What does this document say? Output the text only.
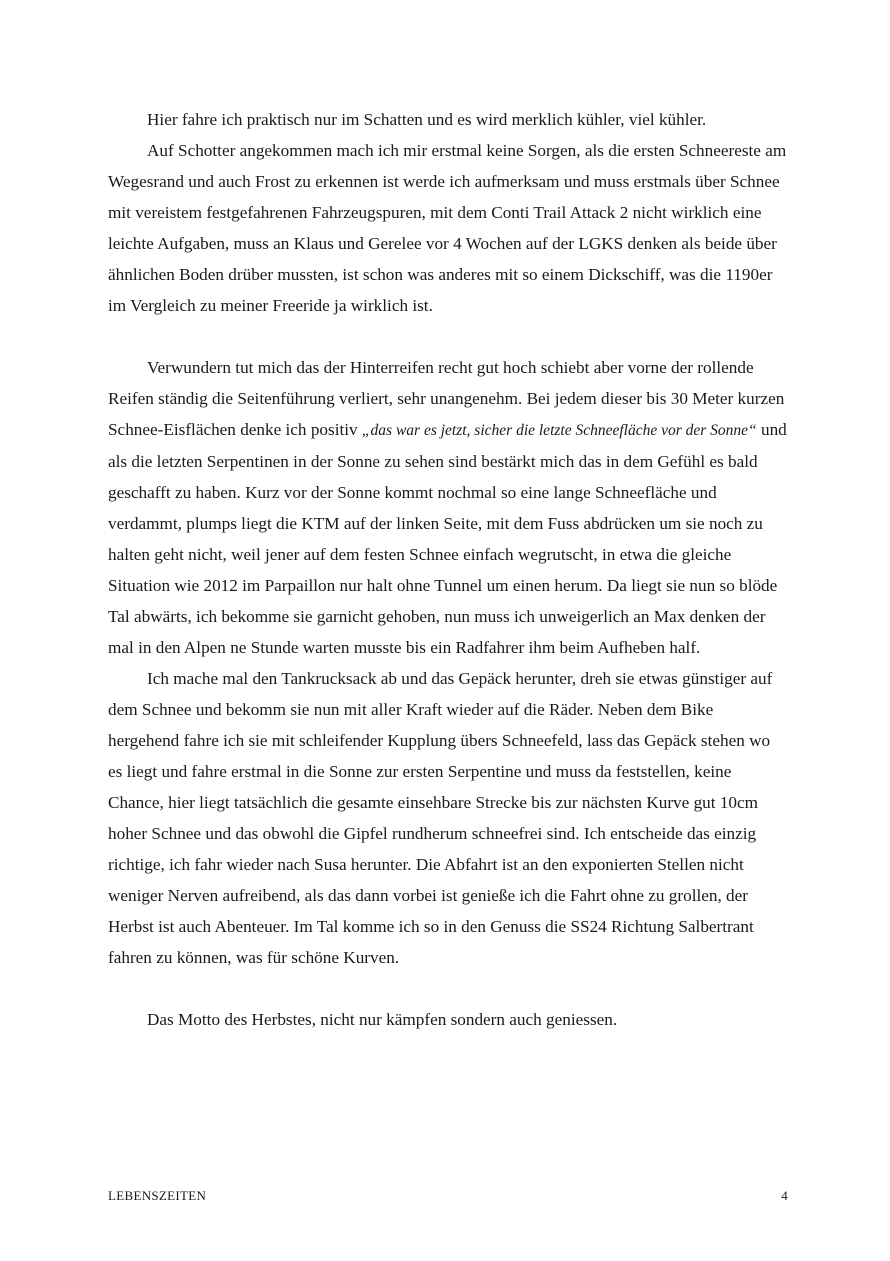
Hier fahre ich praktisch nur im Schatten und es wird merklich kühler, viel kühler.

Auf Schotter angekommen mach ich mir erstmal keine Sorgen, als die ersten Schneereste am Wegesrand und auch Frost zu erkennen ist werde ich aufmerksam und muss erstmals über Schnee mit vereistem festgefahrenen Fahrzeugspuren, mit dem Conti Trail Attack 2 nicht wirklich eine leichte Aufgaben, muss an Klaus und Gerelee vor 4 Wochen auf der LGKS denken als beide über ähnlichen Boden drüber mussten, ist schon was anderes mit so einem Dickschiff, was die 1190er im Vergleich zu meiner Freeride ja wirklich ist.

Verwundern tut mich das der Hinterreifen recht gut hoch schiebt aber vorne der rollende Reifen ständig die Seitenführung verliert, sehr unangenehm. Bei jedem dieser bis 30 Meter kurzen Schnee-Eisflächen denke ich positiv „das war es jetzt, sicher die letzte Schneefläche vor der Sonne“ und als die letzten Serpentinen in der Sonne zu sehen sind bestärkt mich das in dem Gefühl es bald geschafft zu haben. Kurz vor der Sonne kommt nochmal so eine lange Schneefläche und verdammt, plumps liegt die KTM auf der linken Seite, mit dem Fuss abdrücken um sie noch zu halten geht nicht, weil jener auf dem festen Schnee einfach wegrutscht, in etwa die gleiche Situation wie 2012 im Parpaillon nur halt ohne Tunnel um einen herum. Da liegt sie nun so blöde Tal abwärts, ich bekomme sie garnicht gehoben, nun muss ich unweigerlich an Max denken der mal in den Alpen ne Stunde warten musste bis ein Radfahrer ihm beim Aufheben half.

Ich mache mal den Tankrucksack ab und das Gepäck herunter, dreh sie etwas günstiger auf dem Schnee und bekomm sie nun mit aller Kraft wieder auf die Räder. Neben dem Bike hergehend fahre ich sie mit schleifender Kupplung übers Schneefeld, lass das Gepäck stehen wo es liegt und fahre erstmal in die Sonne zur ersten Serpentine und muss da feststellen, keine Chance, hier liegt tatsächlich die gesamte einsehbare Strecke bis zur nächsten Kurve gut 10cm hoher Schnee und das obwohl die Gipfel rundherum schneefrei sind. Ich entscheide das einzig richtige, ich fahr wieder nach Susa herunter. Die Abfahrt ist an den exponierten Stellen nicht weniger Nerven aufreibend, als das dann vorbei ist genieße ich die Fahrt ohne zu grollen, der Herbst ist auch Abenteuer. Im Tal komme ich so in den Genuss die SS24 Richtung Salbertrant fahren zu können, was für schöne Kurven.

Das Motto des Herbstes, nicht nur kämpfen sondern auch geniessen.

LEBENSZEITEN	4
